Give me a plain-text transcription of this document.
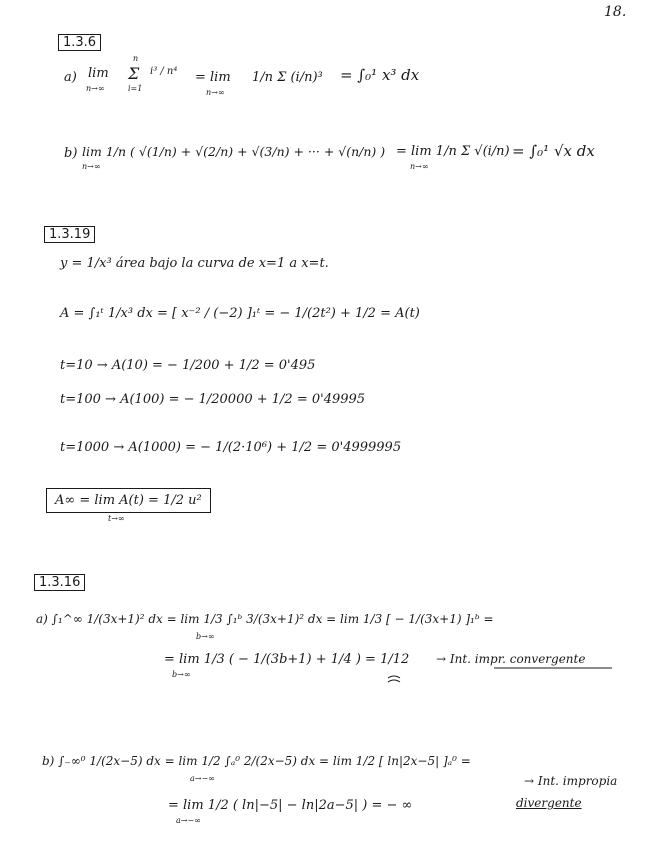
18.
1.3.6
a) lim
n→∞
n
Σ
i=1
i³ / n⁴ = lim
n→∞
1/n Σ (i/n)³ = ∫₀¹ x³ dx
b) lim 1/n ( √(1/n) + √(2/n) + √(3/n) + ··· + √(n/n) )
n→∞
= lim 1/n Σ √(i/n)
n→∞
= ∫₀¹ √x dx
1.3.19
y = 1/x³ área bajo la curva de x=1 a x=t.
A = ∫₁ᵗ 1/x³ dx = [ x⁻² / (−2) ]₁ᵗ = − 1/(2t²) + 1/2 = A(t)
t=10 → A(10) = − 1/200 + 1/2 = 0'495
t=100 → A(100) = − 1/20000 + 1/2 = 0'49995
t=1000 → A(1000) = − 1/(2·10⁶) + 1/2 = 0'4999995
A∞ = lim A(t) = 1/2 u²
t→∞
1.3.16
a) ∫₁^∞ 1/(3x+1)² dx = lim 1/3 ∫₁ᵇ 3/(3x+1)² dx = lim 1/3 [ − 1/(3x+1) ]₁ᵇ =
b→∞
= lim 1/3 ( − 1/(3b+1) + 1/4 ) = 1/12
b→∞
→ Int. impr. convergente
b) ∫₋∞⁰ 1/(2x−5) dx = lim 1/2 ∫ₐ⁰ 2/(2x−5) dx = lim 1/2 [ ln|2x−5| ]ₐ⁰ =
a→−∞
= lim 1/2 ( ln|−5| − ln|2a−5| ) = − ∞
a→−∞
→ Int. impropia
divergente
